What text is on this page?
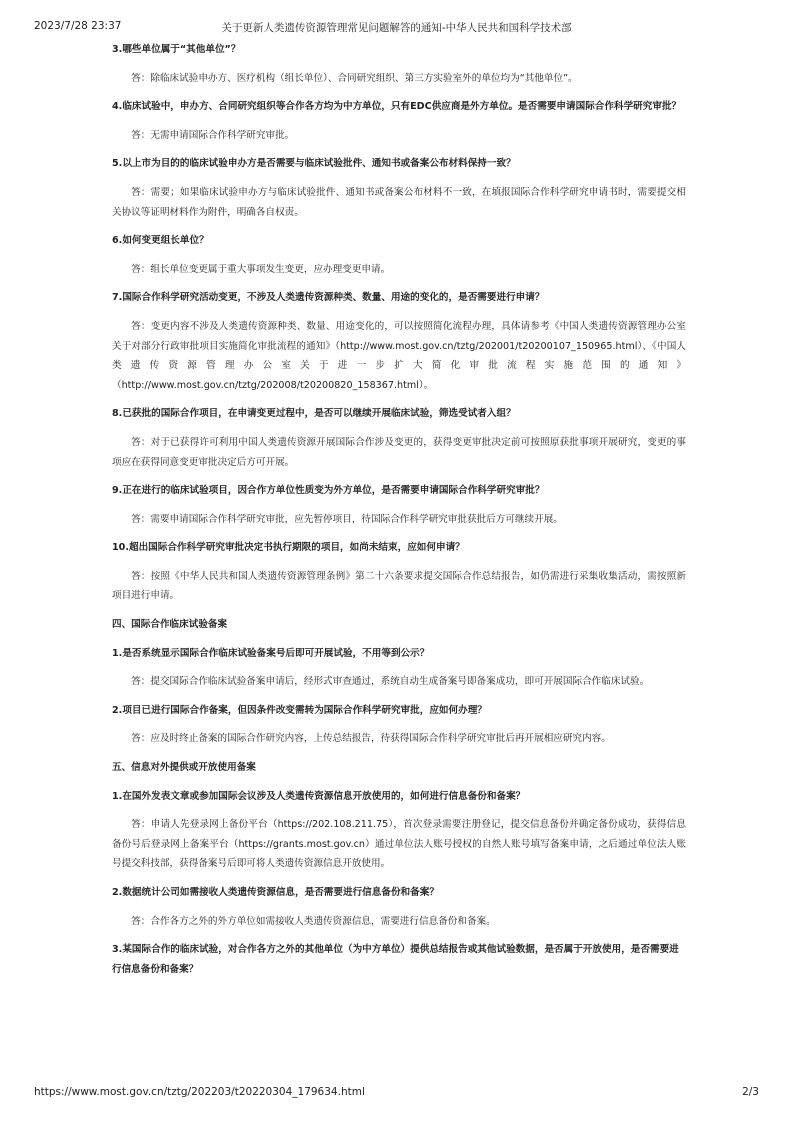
2023/7/28 23:37	关于更新人类遗传资源管理常见问题解答的通知-中华人民共和国科学技术部

3.哪些单位属于“其他单位”？

答：除临床试验申办方、医疗机构（组长单位）、合同研究组织、第三方实验室外的单位均为“其他单位”。

4.临床试验中，申办方、合同研究组织等合作各方均为中方单位，只有EDC供应商是外方单位。是否需要申请国际合作科学研究审批？

答：无需申请国际合作科学研究审批。

5.以上市为目的的临床试验申办方是否需要与临床试验批件、通知书或备案公布材料保持一致？

答：需要；如果临床试验申办方与临床试验批件、通知书或备案公布材料不一致，在填报国际合作科学研究申请书时，需要提交相关协议等证明材料作为附件，明确各自权责。

6.如何变更组长单位？

答：组长单位变更属于重大事项发生变更，应办理变更申请。

7.国际合作科学研究活动变更，不涉及人类遗传资源种类、数量、用途的变化的，是否需要进行申请？

答：变更内容不涉及人类遗传资源种类、数量、用途变化的，可以按照简化流程办理，具体请参考《中国人类遗传资源管理办公室关于对部分行政审批项目实施简化审批流程的通知》（http://www.most.gov.cn/tztg/202001/t20200107_150965.html）、《中国人类遗传资源管理办公室关于进一步扩大简化审批流程实施范围的通知》（http://www.most.gov.cn/tztg/202008/t20200820_158367.html）。

8.已获批的国际合作项目，在申请变更过程中，是否可以继续开展临床试验，筛选受试者入组？

答：对于已获得许可利用中国人类遗传资源开展国际合作涉及变更的，获得变更审批决定前可按照原获批事项开展研究，变更的事项应在获得同意变更审批决定后方可开展。

9.正在进行的临床试验项目，因合作方单位性质变为外方单位，是否需要申请国际合作科学研究审批？

答：需要申请国际合作科学研究审批，应先暂停项目，待国际合作科学研究审批获批后方可继续开展。

10.超出国际合作科学研究审批决定书执行期限的项目，如尚未结束，应如何申请？

答：按照《中华人民共和国人类遗传资源管理条例》第二十六条要求提交国际合作总结报告，如仍需进行采集收集活动，需按照新项目进行申请。

四、国际合作临床试验备案

1.是否系统显示国际合作临床试验备案号后即可开展试验，不用等到公示？

答：提交国际合作临床试验备案申请后，经形式审查通过，系统自动生成备案号即备案成功，即可开展国际合作临床试验。

2.项目已进行国际合作备案，但因条件改变需转为国际合作科学研究审批，应如何办理？

答：应及时终止备案的国际合作研究内容，上传总结报告，待获得国际合作科学研究审批后再开展相应研究内容。

五、信息对外提供或开放使用备案

1.在国外发表文章或参加国际会议涉及人类遗传资源信息开放使用的，如何进行信息备份和备案？

答：申请人先登录网上备份平台（https://202.108.211.75），首次登录需要注册登记，提交信息备份并确定备份成功，获得信息备份号后登录网上备案平台（https://grants.most.gov.cn）通过单位法人账号授权的自然人账号填写备案申请，之后通过单位法人账号提交科技部，获得备案号后即可将人类遗传资源信息开放使用。

2.数据统计公司如需接收人类遗传资源信息，是否需要进行信息备份和备案？

答：合作各方之外的外方单位如需接收人类遗传资源信息，需要进行信息备份和备案。

3.某国际合作的临床试验，对合作各方之外的其他单位（为中方单位）提供总结报告或其他试验数据，是否属于开放使用，是否需要进行信息备份和备案？

https://www.most.gov.cn/tztg/202203/t20220304_179634.html	2/3
